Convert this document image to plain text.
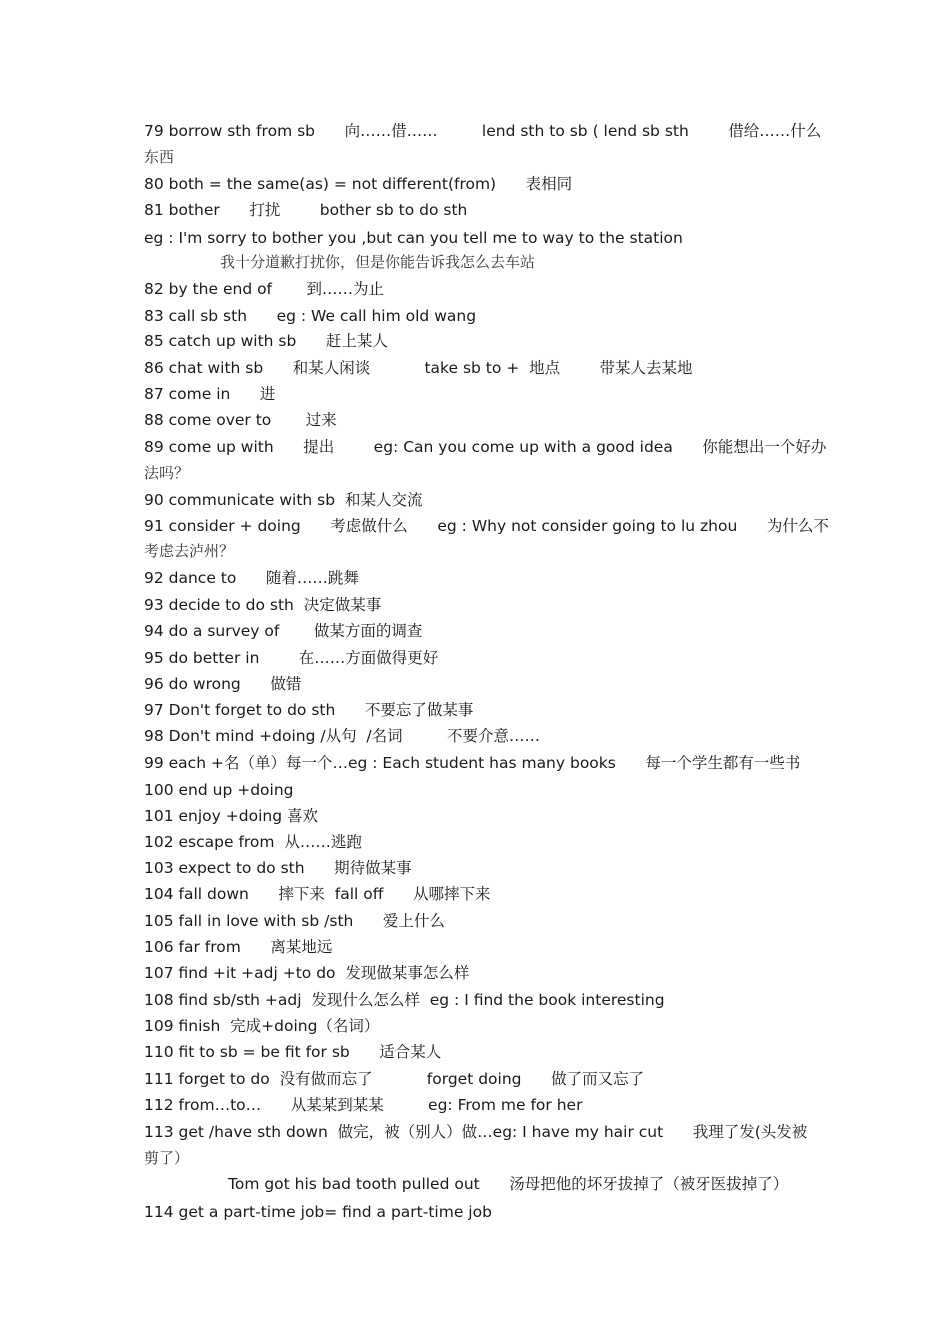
79 borrow sth from sb      向……借……         lend sth to sb ( lend sb sth        借给……什么
东西
80 both = the same(as) = not different(from)      表相同
81 bother      打扰        bother sb to do sth
eg : I'm sorry to bother you ,but can you tell me to way to the station
我十分道歉打扰你，但是你能告诉我怎么去车站
82 by the end of       到……为止
83 call sb sth      eg : We call him old wang
85 catch up with sb      赶上某人
86 chat with sb      和某人闲谈           take sb to +  地点        带某人去某地
87 come in      进
88 come over to       过来
89 come up with      提出        eg: Can you come up with a good idea      你能想出一个好办
法吗？
90 communicate with sb  和某人交流
91 consider + doing      考虑做什么      eg : Why not consider going to lu zhou      为什么不
考虑去泸州？
92 dance to      随着……跳舞
93 decide to do sth  决定做某事
94 do a survey of       做某方面的调查
95 do better in        在……方面做得更好
96 do wrong      做错
97 Don't forget to do sth      不要忘了做某事
98 Don't mind +doing /从句  /名词         不要介意……
99 each +名（单）每一个…eg : Each student has many books      每一个学生都有一些书
100 end up +doing
101 enjoy +doing 喜欢
102 escape from  从……逃跑
103 expect to do sth      期待做某事
104 fall down      摔下来  fall off      从哪摔下来
105 fall in love with sb /sth      爱上什么
106 far from      离某地远
107 find +it +adj +to do  发现做某事怎么样
108 find sb/sth +adj  发现什么怎么样  eg : I find the book interesting
109 finish  完成+doing（名词）
110 fit to sb = be fit for sb      适合某人
111 forget to do  没有做而忘了           forget doing      做了而又忘了
112 from…to…      从某某到某某         eg: From me for her
113 get /have sth down  做完，被（别人）做…eg: I have my hair cut      我理了发(头发被
剪了）
Tom got his bad tooth pulled out      汤母把他的坏牙拔掉了（被牙医拔掉了）
114 get a part-time job= find a part-time job
